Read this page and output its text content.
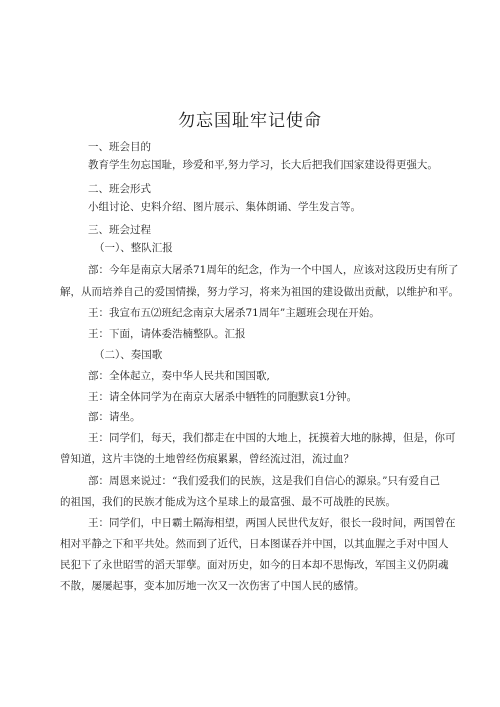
勿忘国耻牢记使命
一、班会目的
教育学生勿忘国耻，珍爱和平,努力学习，长大后把我们国家建设得更强大。
二、班会形式
小组讨论、史料介绍、图片展示、集体朗诵、学生发言等。
三、班会过程
（一）、整队汇报
部：今年是南京大屠杀71周年的纪念，作为一个中国人，应该对这段历史有所了
解，从而培养自己的爱国情操，努力学习，将来为祖国的建设做出贡献，以维护和平。
王：我宣布五⑵班纪念南京大屠杀71周年”主题班会现在开始。
王：下面，请体委浩楠整队。汇报
（二）、奏国歌
部：全体起立，奏中华人民共和国国歌,
王：请全体同学为在南京大屠杀中牺牲的同胞默哀1分钟。
部：请坐。
王：同学们，每天，我们都走在中国的大地上，抚摸着大地的脉搏，但是，你可
曾知道，这片丰饶的土地曾经伤痕累累，曾经流过泪，流过血？
部：周恩来说过：“我们爱我们的民族，这是我们自信心的源泉。”只有爱自己
的祖国，我们的民族才能成为这个星球上的最富强、最不可战胜的民族。
王：同学们，中日霸土隔海相望，两国人民世代友好，很长一段时间，两国曾在
相对平静之下和平共处。然而到了近代，日本图谋吞并中国，以其血腥之手对中国人
民犯下了永世昭雪的滔天罪孽。面对历史，如今的日本却不思悔改，军国主义仍阴魂
不散，屡屡起事，变本加厉地一次又一次伤害了中国人民的感情。
